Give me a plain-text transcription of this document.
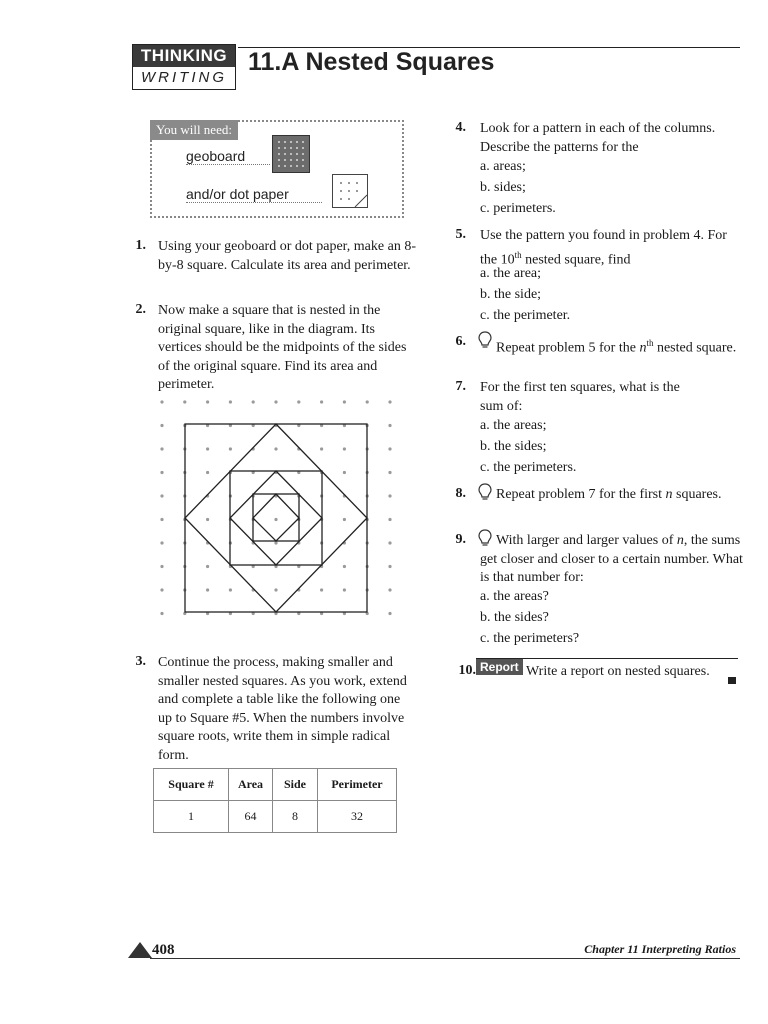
THINKING
WRITING
11.A Nested Squares
You will need:
geoboard
and/or dot paper
1. Using your geoboard or dot paper, make an 8-by-8 square. Calculate its area and perimeter.
2. Now make a square that is nested in the original square, like in the diagram. Its vertices should be the midpoints of the sides of the original square. Find its area and perimeter.
3. Continue the process, making smaller and smaller nested squares. As you work, extend and complete a table like the following one up to Square #5. When the numbers involve square roots, write them in simple radical form.
Square #	Area	Side	Perimeter
1	64	8	32
4. Look for a pattern in each of the columns. Describe the patterns for the
a. areas;
b. sides;
c. perimeters.
5. Use the pattern you found in problem 4. For the 10th nested square, find
a. the area;
b. the side;
c. the perimeter.
6. Repeat problem 5 for the $n^{th}$ nested square.
7. For the first ten squares, what is the sum of:
a. the areas;
b. the sides;
c. the perimeters.
8. Repeat problem 7 for the first n squares.
9.	With larger and larger values of n, the sums get closer and closer to a certain number. What is that number for:
a. the areas?
b. the sides?
c. the perimeters?
10. Report Write a report on nested squares.
408	Chapter 11 Interpreting Ratios
